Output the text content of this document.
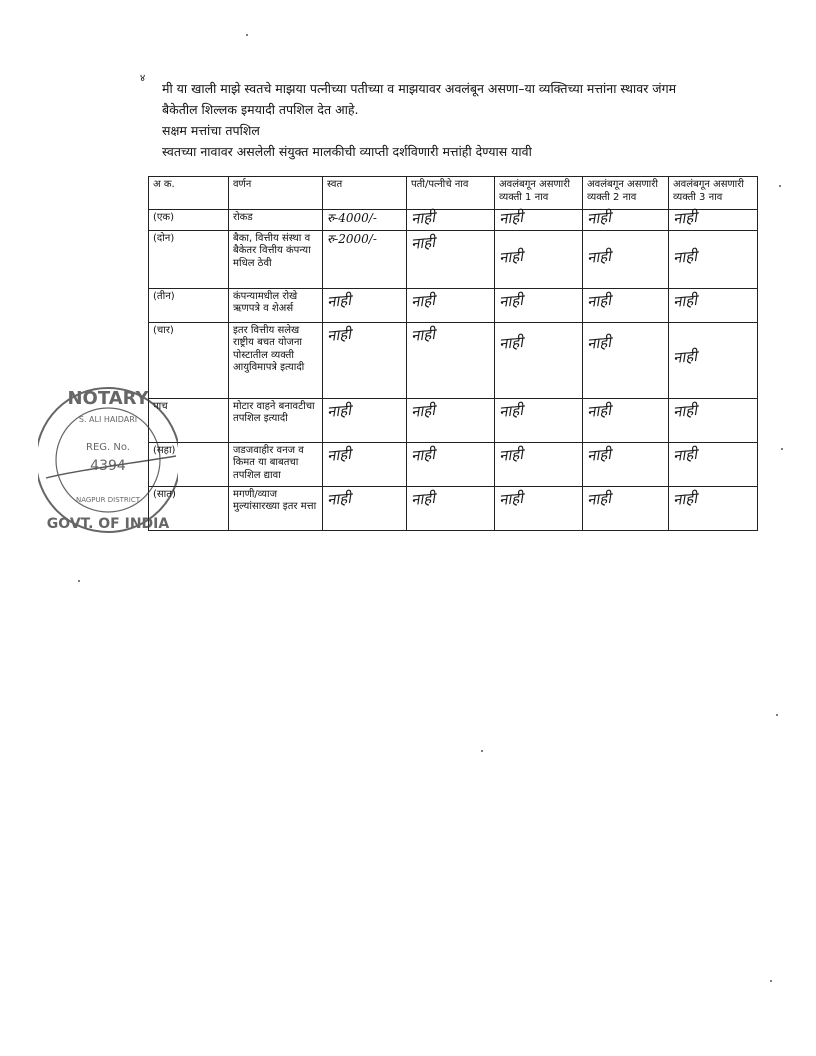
४
मी या खाली माझे स्वतचे माझया पत्नीच्या पतीच्या व माझयावर अवलंबून असणा–या व्यक्तिच्या मत्तांना स्थावर जंगम
बैकेतील शिल्लक इमयादी तपशिल देत आहे.
सक्षम मत्तांचा तपशिल
स्वतच्या नावावर असलेली संयुक्त मालकीची व्याप्ती दर्शविणारी मत्तांही देण्यास यावी
अ क.	वर्णन	स्वत	पती/पत्नीचे नाव	अवलंबगून असणारी व्यक्ती 1 नाव	अवलंबगून असणारी व्यक्ती 2 नाव	अवलंबगून असणारी व्यक्ती 3 नाव
(एक)	रोकड	रु-4000/-	नाही	नाही	नाही	नाही
(दोन)	बैका, वित्तीय संस्था व बैकेतर वित्तीय कंपन्या मधिल ठेवी	रु-2000/-	नाही	नाही	नाही	नाही
(तीन)	कंपन्यामधील रोखे ऋणपत्रे व शेअर्स	नाही	नाही	नाही	नाही	नाही
(चार)	इतर वित्तीय सलेख राष्ट्रीय बचत योजना पोस्टातील व्यक्ती आयुविमापत्रे इत्यादी	नाही	नाही	नाही	नाही	नाही
पाच	मोटार वाहने बनावटीचा तपशिल इत्यादी	नाही	नाही	नाही	नाही	नाही
(सहा)	जडजवाहीर वनज व किमत या बाबतचा तपशिल द्यावा	नाही	नाही	नाही	नाही	नाही
(सात)	मगणी/व्याज मुल्यांसारख्या इतर मत्ता	नाही	नाही	नाही	नाही	नाही
NOTARY
S. ALI HAIDARI
REG. No.
4394
NAGPUR DISTRICT
GOVT. OF INDIA
